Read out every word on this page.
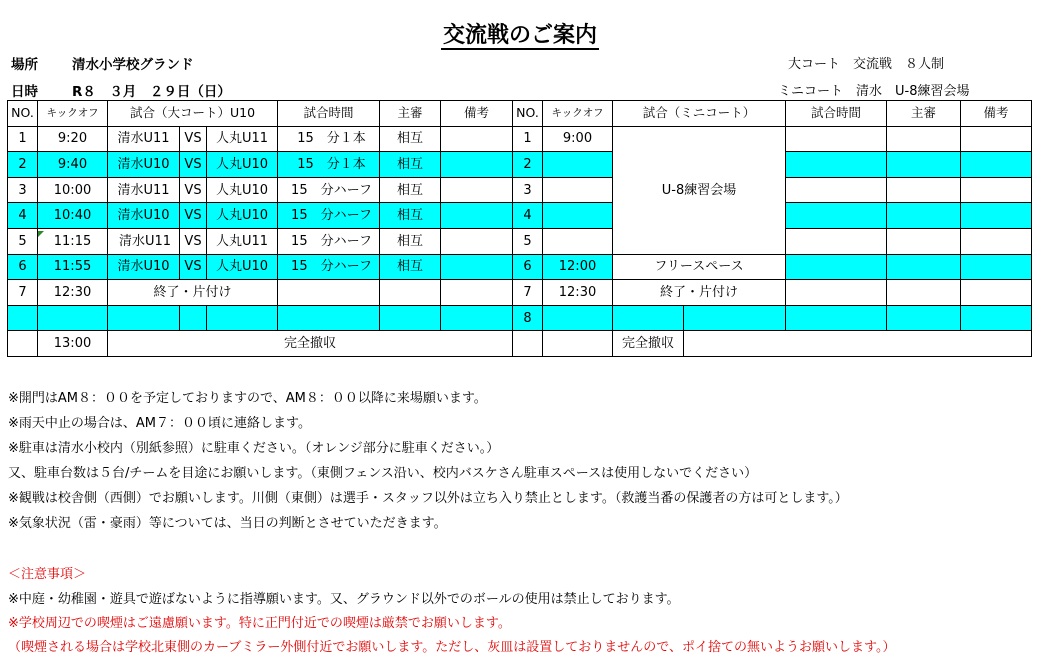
交流戦のご案内
場所	清水小学校グランド
日時	R８　３月　２９日（日）
大コート　交流戦　８人制
ミニコート　清水　U-8練習会場
NO.	キックオフ	試合（大コート）U10			試合時間	主審	備考	NO.	キックオフ	試合（ミニコート）		試合時間	主審	備考
1	9:20	清水U11	VS	人丸U11	15　分１本	相互		1	9:00	U-8練習会場				
2	9:40	清水U10	VS	人丸U10	15　分１本	相互		2						
3	10:00	清水U11	VS	人丸U10	15　分ハーフ	相互		3						
4	10:40	清水U10	VS	人丸U10	15　分ハーフ	相互		4						
5	11:15	清水U11	VS	人丸U11	15　分ハーフ	相互		5						
6	11:55	清水U10	VS	人丸U10	15　分ハーフ	相互		6	12:00	フリースペース				
7	12:30	終了・片付け						7	12:30	終了・片付け				
								8						
	13:00	完全撤収								完全撤収				
※開門はAM８：００を予定しておりますので、AM８：００以降に来場願います。
※雨天中止の場合は、AM７：００頃に連絡します。
※駐車は清水小校内（別紙参照）に駐車ください。（オレンジ部分に駐車ください。）
又、駐車台数は５台/チームを目途にお願いします。（東側フェンス沿い、校内バスケさん駐車スペースは使用しないでください）
※観戦は校舎側（西側）でお願いします。川側（東側）は選手・スタッフ以外は立ち入り禁止とします。（救護当番の保護者の方は可とします。）
※気象状況（雷・豪雨）等については、当日の判断とさせていただきます。
＜注意事項＞
※中庭・幼稚園・遊具で遊ばないように指導願います。又、グラウンド以外でのボールの使用は禁止しております。
※学校周辺での喫煙はご遠慮願います。特に正門付近での喫煙は厳禁でお願いします。
（喫煙される場合は学校北東側のカーブミラー外側付近でお願いします。ただし、灰皿は設置しておりませんので、ポイ捨ての無いようお願いします。）
